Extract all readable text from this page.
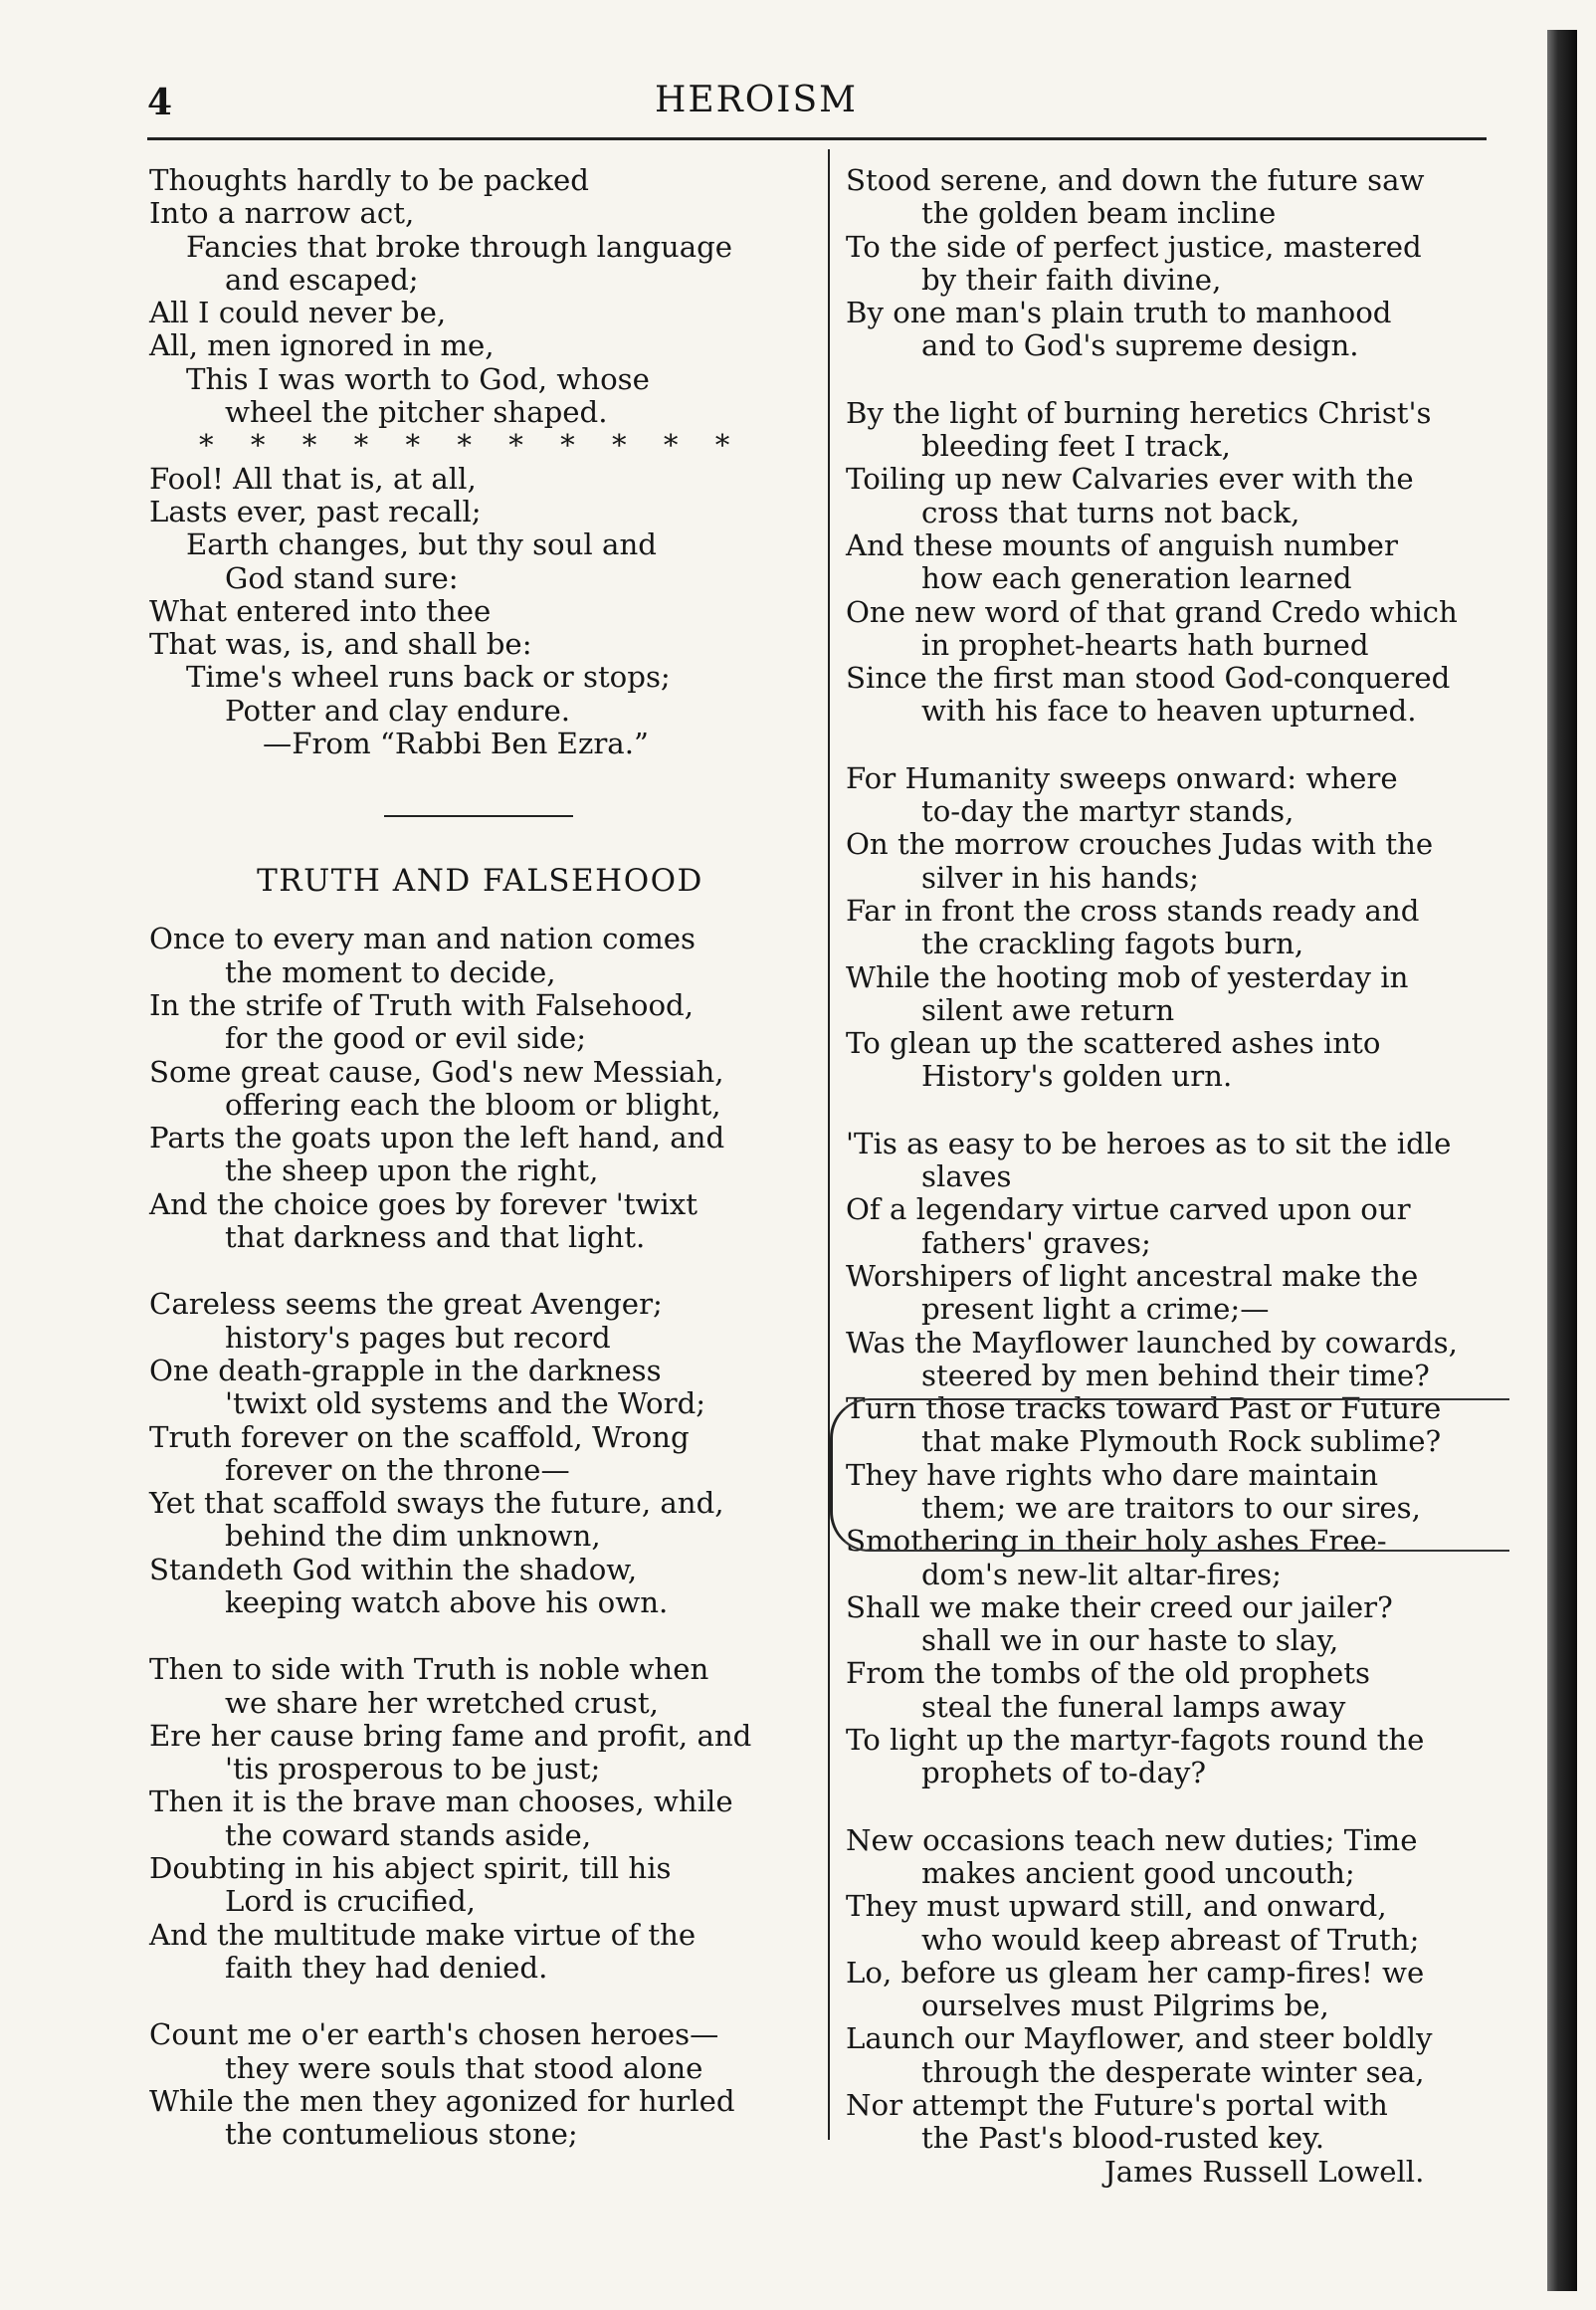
4	HEROISM
Thoughts hardly to be packed
Into a narrow act,
Fancies that broke through language
and escaped;
All I could never be,
All, men ignored in me,
This I was worth to God, whose
wheel the pitcher shaped.
* * * * * * * * * * *
Fool! All that is, at all,
Lasts ever, past recall;
Earth changes, but thy soul and
God stand sure:
What entered into thee
That was, is, and shall be:
Time's wheel runs back or stops;
Potter and clay endure.
—From “Rabbi Ben Ezra.”
TRUTH AND FALSEHOOD
Once to every man and nation comes
the moment to decide,
In the strife of Truth with Falsehood,
for the good or evil side;
Some great cause, God's new Messiah,
offering each the bloom or blight,
Parts the goats upon the left hand, and
the sheep upon the right,
And the choice goes by forever 'twixt
that darkness and that light.
Careless seems the great Avenger;
history's pages but record
One death-grapple in the darkness
'twixt old systems and the Word;
Truth forever on the scaffold, Wrong
forever on the throne—
Yet that scaffold sways the future, and,
behind the dim unknown,
Standeth God within the shadow,
keeping watch above his own.
Then to side with Truth is noble when
we share her wretched crust,
Ere her cause bring fame and profit, and
'tis prosperous to be just;
Then it is the brave man chooses, while
the coward stands aside,
Doubting in his abject spirit, till his
Lord is crucified,
And the multitude make virtue of the
faith they had denied.
Count me o'er earth's chosen heroes—
they were souls that stood alone
While the men they agonized for hurled
the contumelious stone;
Stood serene, and down the future saw
the golden beam incline
To the side of perfect justice, mastered
by their faith divine,
By one man's plain truth to manhood
and to God's supreme design.
By the light of burning heretics Christ's
bleeding feet I track,
Toiling up new Calvaries ever with the
cross that turns not back,
And these mounts of anguish number
how each generation learned
One new word of that grand Credo which
in prophet-hearts hath burned
Since the first man stood God-conquered
with his face to heaven upturned.
For Humanity sweeps onward: where
to-day the martyr stands,
On the morrow crouches Judas with the
silver in his hands;
Far in front the cross stands ready and
the crackling fagots burn,
While the hooting mob of yesterday in
silent awe return
To glean up the scattered ashes into
History's golden urn.
'Tis as easy to be heroes as to sit the idle
slaves
Of a legendary virtue carved upon our
fathers' graves;
Worshipers of light ancestral make the
present light a crime;—
Was the Mayflower launched by cowards,
steered by men behind their time?
Turn those tracks toward Past or Future
that make Plymouth Rock sublime?
They have rights who dare maintain
them; we are traitors to our sires,
Smothering in their holy ashes Free-
dom's new-lit altar-fires;
Shall we make their creed our jailer?
shall we in our haste to slay,
From the tombs of the old prophets
steal the funeral lamps away
To light up the martyr-fagots round the
prophets of to-day?
New occasions teach new duties; Time
makes ancient good uncouth;
They must upward still, and onward,
who would keep abreast of Truth;
Lo, before us gleam her camp-fires! we
ourselves must Pilgrims be,
Launch our Mayflower, and steer boldly
through the desperate winter sea,
Nor attempt the Future's portal with
the Past's blood-rusted key.
James Russell Lowell.
